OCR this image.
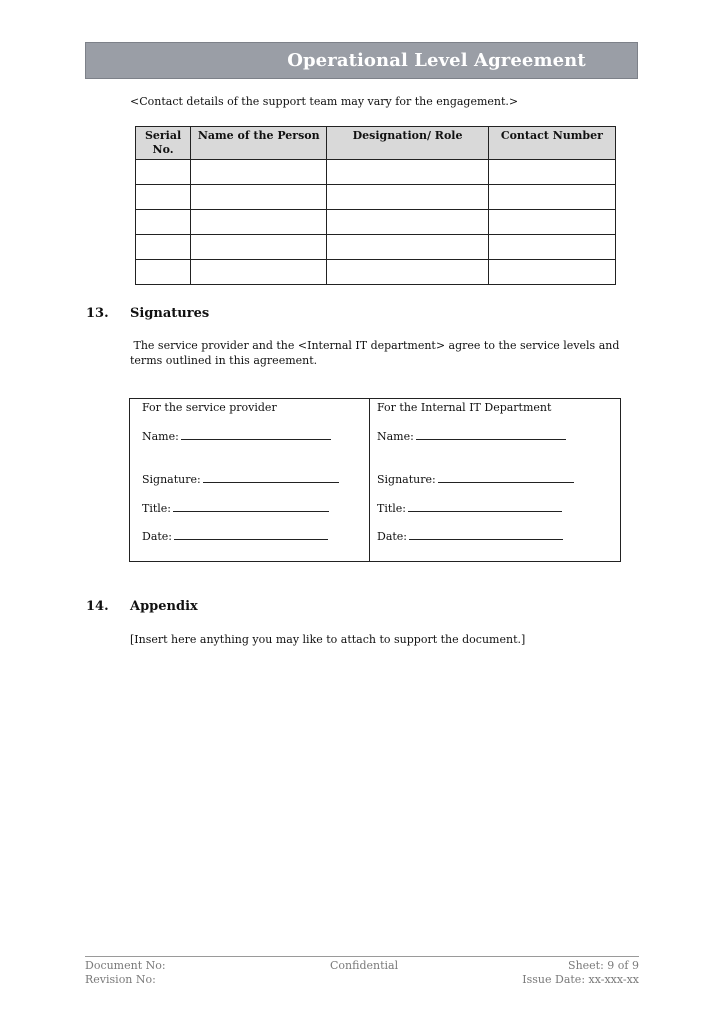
Operational Level Agreement
<Contact details of the support team may vary for the engagement.>
Serial No.	Name of the Person	Designation/ Role	Contact Number

13. Signatures
The service provider and the <Internal IT department> agree to the service levels and terms outlined in this agreement.
For the service provider
Name:
Signature:
Title:
Date:
For the Internal IT Department
Name:
Signature:
Title:
Date:
14. Appendix
[Insert here anything you may like to attach to support the document.]
Document No:
Revision No:
Confidential	Sheet: 9 of 9
Issue Date: xx-xxx-xx
